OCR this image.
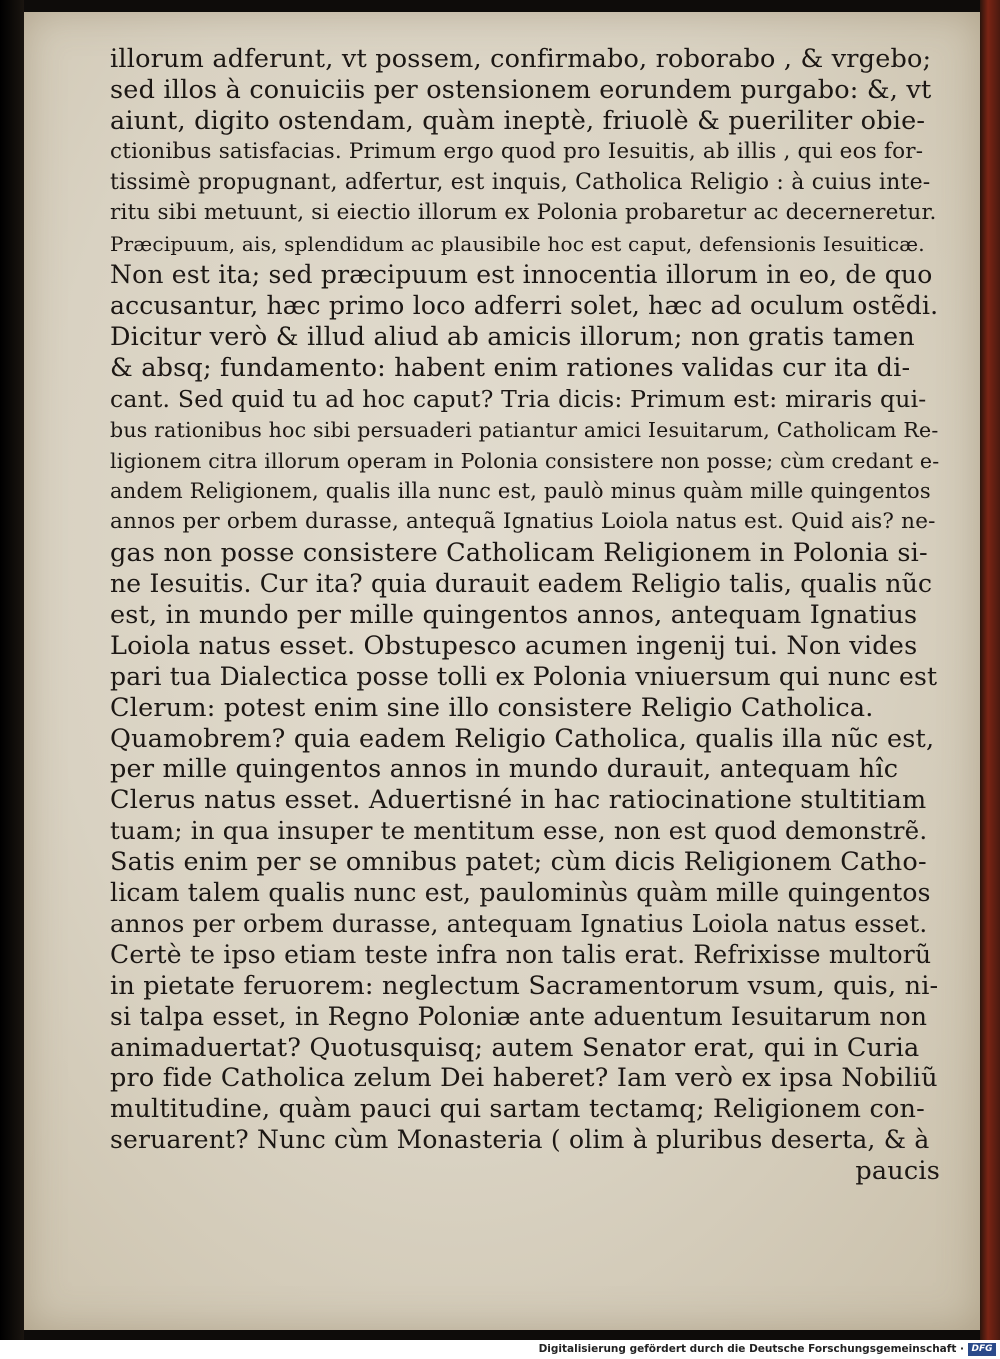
illorum adferunt, vt possem, confirmabo, roborabo , & vrgebo;
sed illos à conuiciis per ostensionem eorundem purgabo: &, vt
aiunt, digito ostendam, quàm ineptè, friuolè & pueriliter obie-
ctionibus satisfacias. Primum ergo quod pro Iesuitis, ab illis , qui eos for-
tissimè propugnant, adfertur, est inquis, Catholica Religio : à cuius inte-
ritu sibi metuunt, si eiectio illorum ex Polonia probaretur ac decerneretur.
Præcipuum, ais, splendidum ac plausibile hoc est caput, defensionis Iesuiticæ.
Non est ita; sed præcipuum est innocentia illorum in eo, de quo
accusantur, hæc primo loco adferri solet, hæc ad oculum ostẽdi.
Dicitur verò & illud aliud ab amicis illorum; non gratis tamen
& absq; fundamento: habent enim rationes validas cur ita di-
cant. Sed quid tu ad hoc caput? Tria dicis: Primum est: miraris qui-
bus rationibus hoc sibi persuaderi patiantur amici Iesuitarum, Catholicam Re-
ligionem citra illorum operam in Polonia consistere non posse; cùm credant e-
andem Religionem, qualis illa nunc est, paulò minus quàm mille quingentos
annos per orbem durasse, antequã Ignatius Loiola natus est. Quid ais? ne-
gas non posse consistere Catholicam Religionem in Polonia si-
ne Iesuitis. Cur ita? quia durauit eadem Religio talis, qualis nũc
est, in mundo per mille quingentos annos, antequam Ignatius
Loiola natus esset. Obstupesco acumen ingenij tui. Non vides
pari tua Dialectica posse tolli ex Polonia vniuersum qui nunc est
Clerum: potest enim sine illo consistere Religio Catholica.
Quamobrem? quia eadem Religio Catholica, qualis illa nũc est,
per mille quingentos annos in mundo durauit, antequam hîc
Clerus natus esset. Aduertisné in hac ratiocinatione stultitiam
tuam; in qua insuper te mentitum esse, non est quod demonstrẽ.
Satis enim per se omnibus patet; cùm dicis Religionem Catho-
licam talem qualis nunc est, paulominùs quàm mille quingentos
annos per orbem durasse, antequam Ignatius Loiola natus esset.
Certè te ipso etiam teste infra non talis erat. Refrixisse multorũ
in pietate feruorem: neglectum Sacramentorum vsum, quis, ni-
si talpa esset, in Regno Poloniæ ante aduentum Iesuitarum non
animaduertat? Quotusquisq; autem Senator erat, qui in Curia
pro fide Catholica zelum Dei haberet? Iam verò ex ipsa Nobiliũ
multitudine, quàm pauci qui sartam tectamq; Religionem con-
seruarent? Nunc cùm Monasteria ( olim à pluribus deserta, & à
paucis
Digitalisierung gefördert durch die Deutsche Forschungsgemeinschaft · DFG
